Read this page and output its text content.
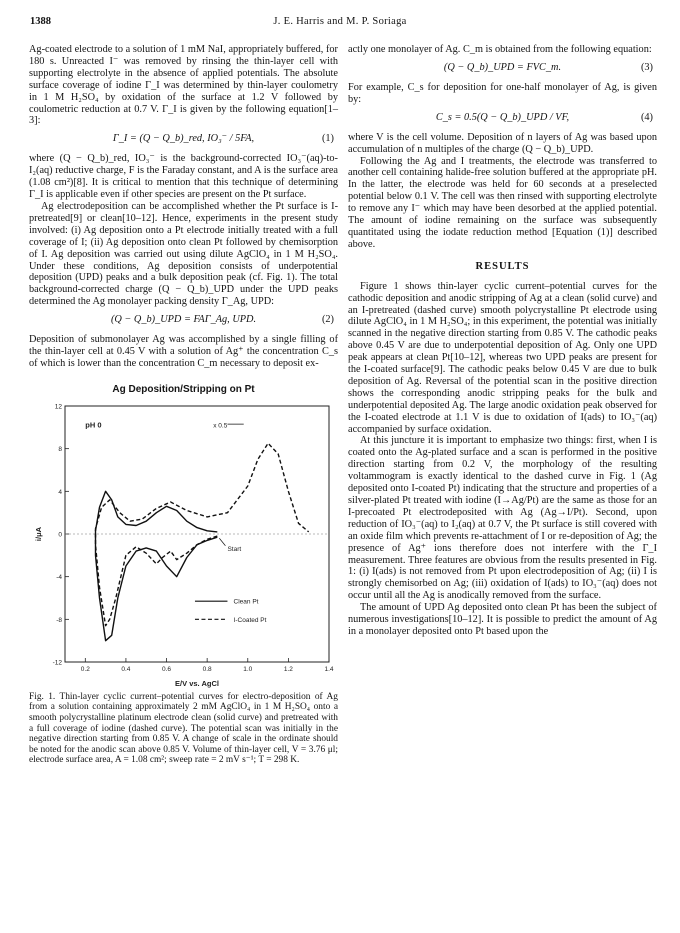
1388	J. E. Harris and M. P. Soriaga

Ag-coated electrode to a solution of 1 mM NaI, appropriately buffered, for 180 s. Unreacted I⁻ was removed by rinsing the thin-layer cell with supporting electrolyte in the absence of applied potentials. The absolute surface coverage of iodine Γ_I was determined by thin-layer coulometry in 1 M H₂SO₄ by oxidation of the surface at 1.2 V followed by coulometric reduction at 0.7 V. Γ_I is given by the following equation[1–3]:

Γ_I = (Q − Q_b)_red, IO₃⁻ / 5FA,	(1)

where (Q − Q_b)_red, IO₃⁻ is the background-corrected IO₃⁻(aq)-to-I₂(aq) reductive charge, F is the Faraday constant, and A is the surface area (1.08 cm²)[8]. It is critical to mention that this technique of determining Γ_I is applicable even if other species are present on the Pt surface.

Ag electrodeposition can be accomplished whether the Pt surface is I-pretreated[9] or clean[10–12]. Hence, experiments in the present study involved: (i) Ag deposition onto a Pt electrode initially treated with a full coverage of I; (ii) Ag deposition onto clean Pt followed by chemisorption of I. Ag deposition was carried out using dilute AgClO₄ in 1 M H₂SO₄. Under these conditions, Ag deposition consists of underpotential deposition (UPD) peaks and a bulk deposition peak (cf. Fig. 1). The total background-corrected charge (Q − Q_b)_UPD under the UPD peaks determined the Ag monolayer packing density Γ_Ag, UPD:

(Q − Q_b)_UPD = FAΓ_Ag, UPD.	(2)

Deposition of submonolayer Ag was accomplished by a single filling of the thin-layer cell at 0.45 V with a solution of Ag⁺ the concentration C_s of which is lower than the concentration C_m necessary to deposit ex-

Ag Deposition/Stripping on Pt
12
8
4
0
-4
-8
-12
0.2	0.4	0.6	0.8	1.0	1.2	1.4
E/V vs. AgCl
i/μA
pH 0	x 0.5
Start
Clean Pt
I-Coated Pt

Fig. 1. Thin-layer cyclic current–potential curves for electro-deposition of Ag from a solution containing approximately 2 mM AgClO₄ in 1 M H₂SO₄ onto a smooth polycrystalline platinum electrode clean (solid curve) and pretreated with a full coverage of iodine (dashed curve). The potential scan was initially in the negative direction starting from 0.85 V. A change of scale in the ordinate should be noted for the anodic scan above 0.85 V. Volume of thin-layer cell, V = 3.76 μl; electrode surface area, A = 1.08 cm²; sweep rate = 2 mV s⁻¹; T = 298 K.

actly one monolayer of Ag. C_m is obtained from the following equation:

(Q − Q_b)_UPD = FVC_m.	(3)

For example, C_s for deposition for one-half monolayer of Ag, is given by:

C_s = 0.5(Q − Q_b)_UPD / VF,	(4)

where V is the cell volume. Deposition of n layers of Ag was based upon accumulation of n multiples of the charge (Q − Q_b)_UPD.

Following the Ag and I treatments, the electrode was transferred to another cell containing halide-free solution buffered at the appropriate pH. In the latter, the electrode was held for 60 seconds at a preselected potential below 0.1 V. The cell was then rinsed with supporting electrolyte to remove any I⁻ which may have been desorbed at the applied potential. The amount of iodine remaining on the surface was subsequently quantitated using the iodate reduction method [Equation (1)] described above.

RESULTS

Figure 1 shows thin-layer cyclic current–potential curves for the cathodic deposition and anodic stripping of Ag at a clean (solid curve) and an I-pretreated (dashed curve) smooth polycrystalline Pt electrode using dilute AgClO₄ in 1 M H₂SO₄; in this experiment, the potential was initially scanned in the negative direction starting from 0.85 V. The cathodic peaks above 0.45 V are due to underpotential deposition of Ag. Only one UPD peak appears at clean Pt[10–12], whereas two UPD peaks are present for the I-coated surface[9]. The cathodic peaks below 0.45 V are due to bulk deposition of Ag. Reversal of the potential scan in the positive direction shows the corresponding anodic stripping peaks for the bulk and underpotential deposited Ag. The large anodic oxidation peak observed for the I-coated electrode at 1.1 V is due to oxidation of I(ads) to IO₃⁻(aq) accompanied by surface oxidation.

At this juncture it is important to emphasize two things: first, when I is coated onto the Ag-plated surface and a scan is performed in the positive direction starting from 0.2 V, the morphology of the resulting voltammogram is exactly identical to the dashed curve in Fig. 1 (Ag deposited onto I-coated Pt) indicating that the structure and properties of a silver-plated Pt treated with iodine (I→Ag/Pt) are the same as those for an I-precoated Pt electrodeposited with Ag (Ag→I/Pt). Second, upon reduction of IO₃⁻(aq) to I₂(aq) at 0.7 V, the Pt surface is still covered with an oxide film which prevents re-attachment of I or re-deposition of Ag; the presence of Ag⁺ ions therefore does not interfere with the Γ_I measurement. Three features are obvious from the results presented in Fig. 1: (i) I(ads) is not removed from Pt upon electrodeposition of Ag; (ii) I is strongly chemisorbed on Ag; (iii) oxidation of I(ads) to IO₃⁻(aq) does not occur until all the Ag is anodically removed from the surface.

The amount of UPD Ag deposited onto clean Pt has been the subject of numerous investigations[10–12]. It is possible to predict the amount of Ag in a monolayer deposited onto Pt based upon the
